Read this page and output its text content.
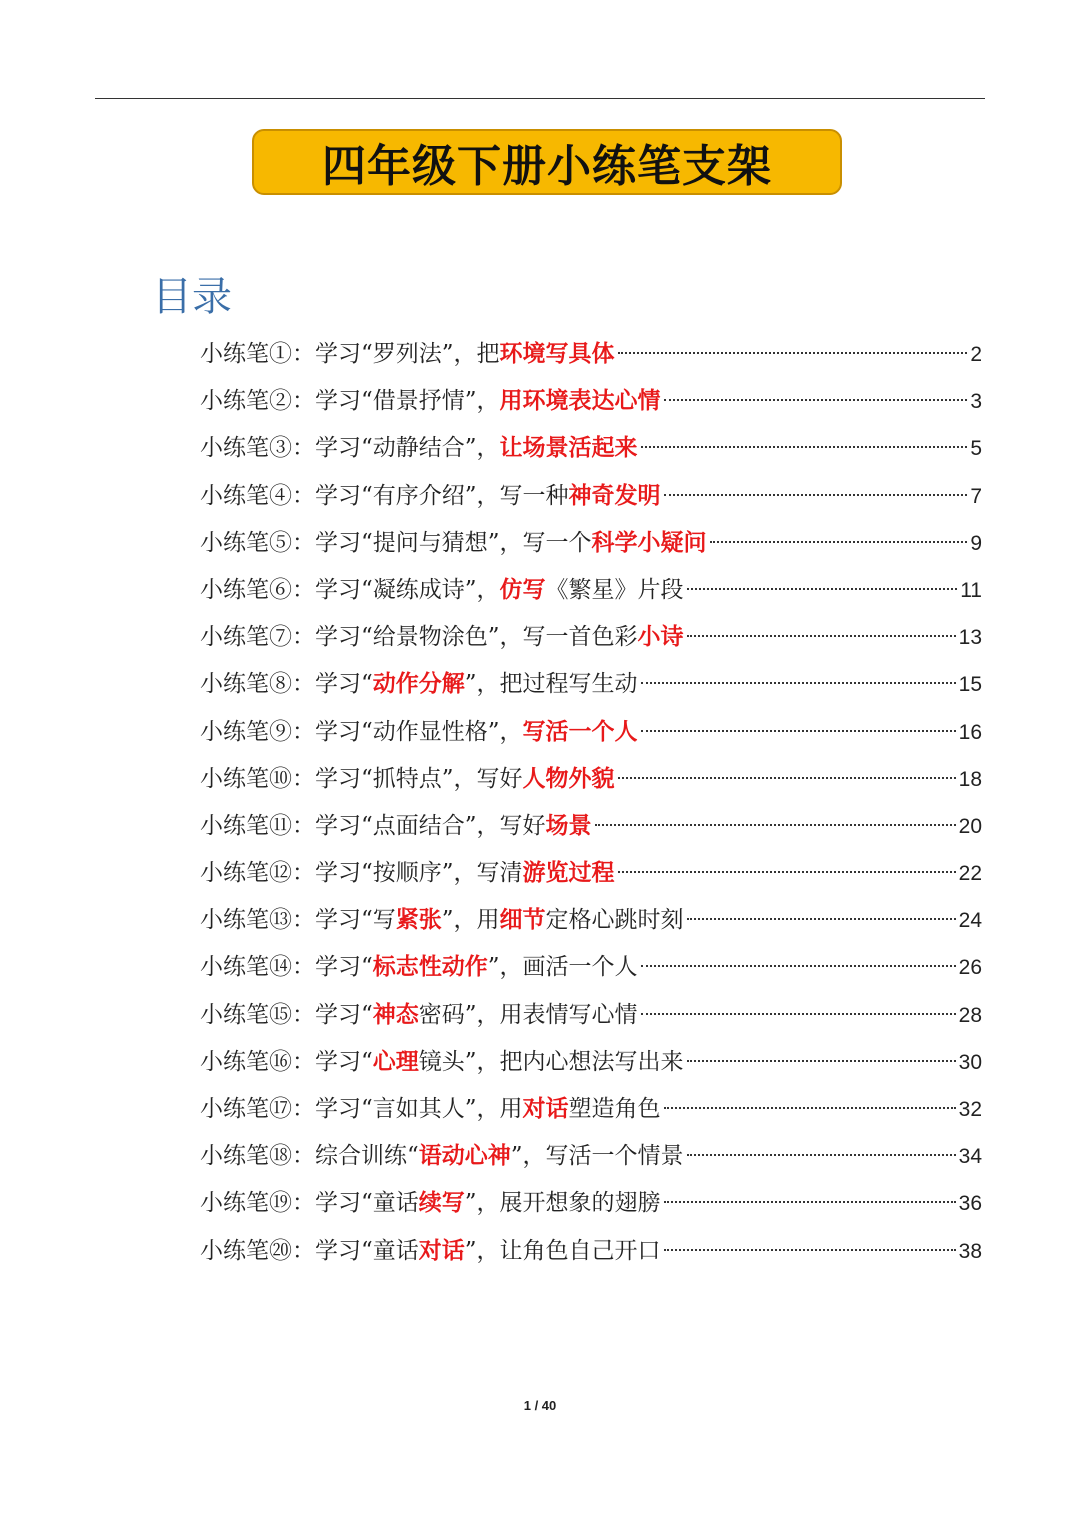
四年级下册小练笔支架
目录
小练笔①：学习“罗列法”，把环境写具体	2
小练笔②：学习“借景抒情”，用环境表达心情	3
小练笔③：学习“动静结合”，让场景活起来	5
小练笔④：学习“有序介绍”，写一种神奇发明	7
小练笔⑤：学习“提问与猜想”，写一个科学小疑问	9
小练笔⑥：学习“凝练成诗”，仿写《繁星》片段	11
小练笔⑦：学习“给景物涂色”，写一首色彩小诗	13
小练笔⑧：学习“动作分解”，把过程写生动	15
小练笔⑨：学习“动作显性格”，写活一个人	16
小练笔⑩：学习“抓特点”，写好人物外貌	18
小练笔⑪：学习“点面结合”，写好场景	20
小练笔⑫：学习“按顺序”，写清游览过程	22
小练笔⑬：学习“写紧张”，用细节定格心跳时刻	24
小练笔⑭：学习“标志性动作”，画活一个人	26
小练笔⑮：学习“神态密码”，用表情写心情	28
小练笔⑯：学习“心理镜头”，把内心想法写出来	30
小练笔⑰：学习“言如其人”，用对话塑造角色	32
小练笔⑱：综合训练“语动心神”，写活一个情景	34
小练笔⑲：学习“童话续写”，展开想象的翅膀	36
小练笔⑳：学习“童话对话”，让角色自己开口	38
1 / 40
